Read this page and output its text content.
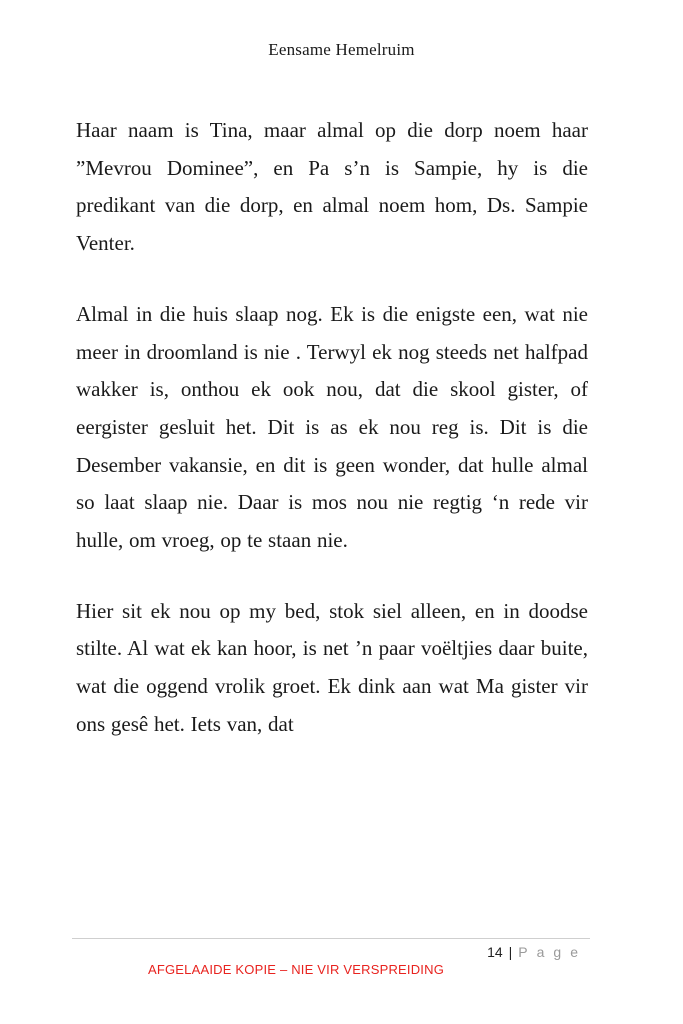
Eensame Hemelruim

Haar naam is Tina, maar almal op die dorp noem haar ”Mevrou Dominee”, en Pa s’n is Sampie, hy is die predikant van die dorp, en almal noem hom, Ds. Sampie Venter.

Almal in die huis slaap nog. Ek is die enigste een, wat nie meer in droomland is nie . Terwyl ek nog steeds net halfpad wakker is, onthou ek ook nou, dat die skool gister, of eergister gesluit het. Dit is as ek nou reg is. Dit is die Desember vakansie, en dit is geen wonder, dat hulle almal so laat slaap nie. Daar is mos nou nie regtig ‘n rede vir hulle, om vroeg, op te staan nie.

Hier sit ek nou op my bed, stok siel alleen, en in doodse stilte. Al wat ek kan hoor, is net ’n paar voëltjies daar buite, wat die oggend vrolik groet. Ek dink aan wat Ma gister vir ons gesê het. Iets van, dat

14 | Page
AFGELAAIDE KOPIE – NIE VIR VERSPREIDING
